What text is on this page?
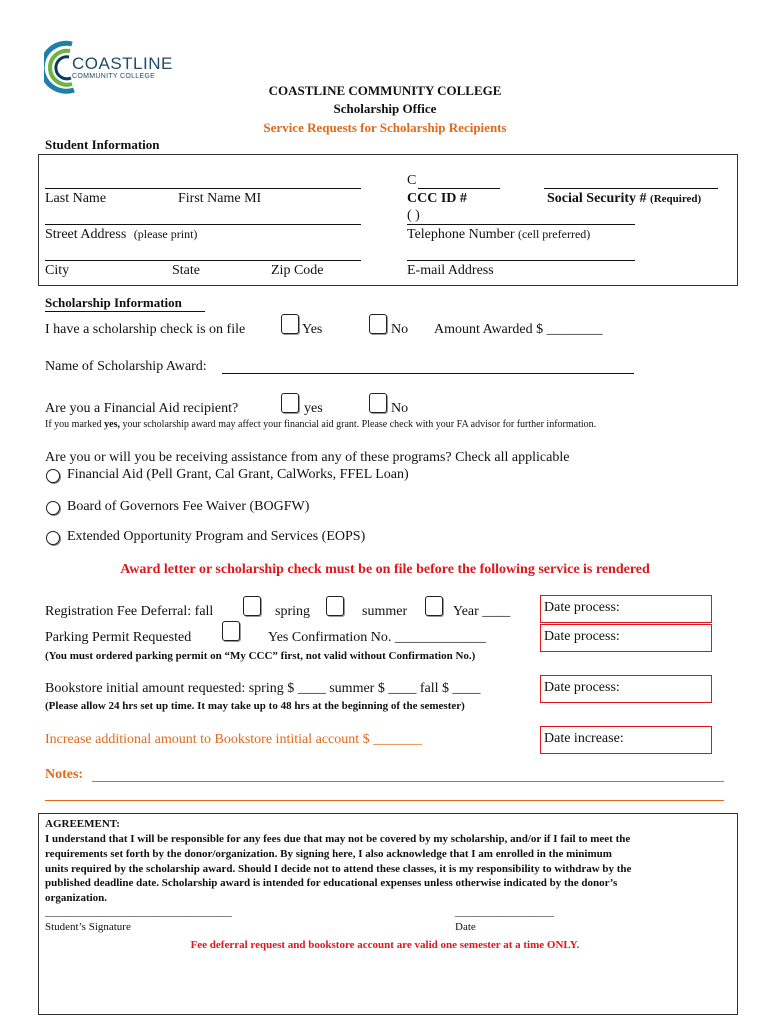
COASTLINE
COMMUNITY COLLEGE
COASTLINE COMMUNITY COLLEGE
Scholarship Office
Service Requests for Scholarship Recipients
Student Information
Last Name	First Name MI
C
CCC ID #	Social Security # (Required)
( )
Street Address (please print)	Telephone Number (cell preferred)
City	State	Zip Code	E-mail Address
Scholarship Information
I have a scholarship check is on file	Yes	No Amount Awarded $ ________
Name of Scholarship Award:
Are you a Financial Aid recipient?	yes	No
If you marked yes, your scholarship award may affect your financial aid grant. Please check with your FA advisor for further information.
Are you or will you be receiving assistance from any of these programs? Check all applicable
Financial Aid (Pell Grant, Cal Grant, CalWorks, FFEL Loan)
Board of Governors Fee Waiver (BOGFW)
Extended Opportunity Program and Services (EOPS)
Award letter or scholarship check must be on file before the following service is rendered
Registration Fee Deferral: fall	spring	summer	Year ____ Date process:
Parking Permit Requested	Yes Confirmation No. _____________	Date process:
(You must ordered parking permit on “My CCC” first, not valid without Confirmation No.)
Bookstore initial amount requested: spring $ ____ summer $ ____ fall $ ____	Date process:
(Please allow 24 hrs set up time. It may take up to 48 hrs at the beginning of the semester)
Increase additional amount to Bookstore intitial account $ _______	Date increase:
Notes:
AGREEMENT:
I understand that I will be responsible for any fees due that may not be covered by my scholarship, and/or if I fail to meet the
requirements set forth by the donor/organization. By signing here, I also acknowledge that I am enrolled in the minimum
units required by the scholarship award. Should I decide not to attend these classes, it is my responsibility to withdraw by the
published deadline date. Scholarship award is intended for educational expenses unless otherwise indicated by the donor’s
organization.
__________________________________
Student’s Signature
__________________
Date
Fee deferral request and bookstore account are valid one semester at a time ONLY.
